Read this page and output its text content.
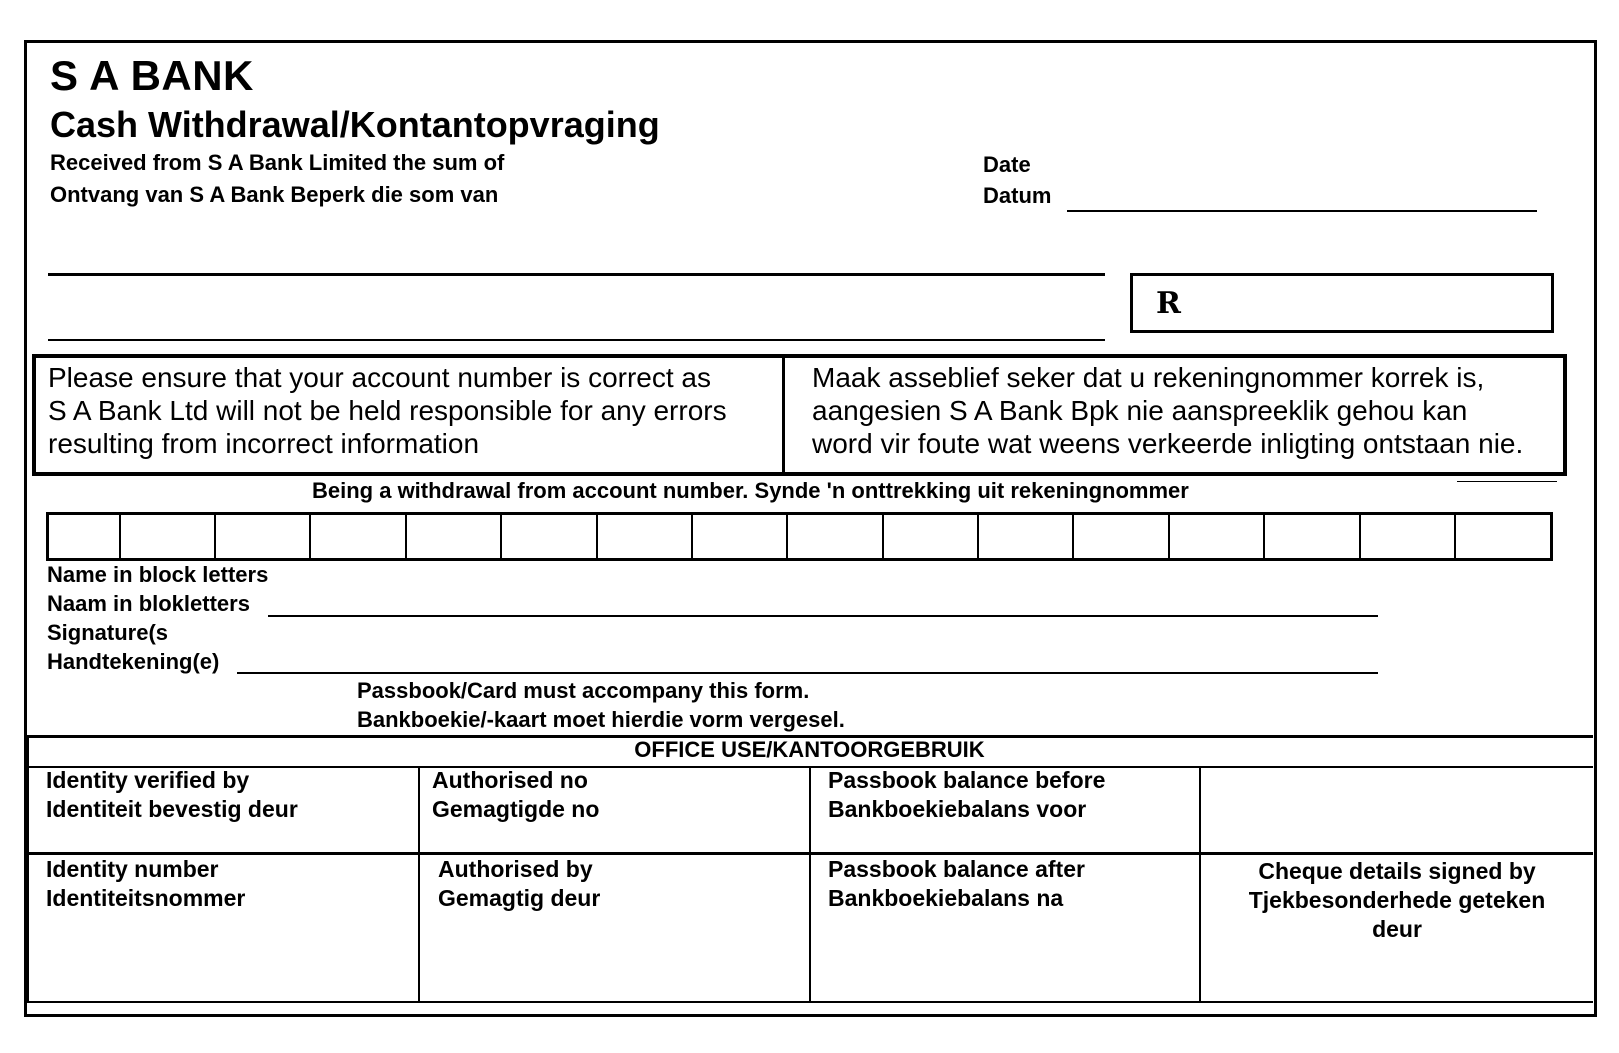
S A BANK
Cash Withdrawal/Kontantopvraging
Received from S A Bank Limited the sum of
Ontvang van S A Bank Beperk die som van
Date
Datum
R
Please ensure that your account number is correct as
S A Bank Ltd will not be held responsible for any errors
resulting from incorrect information
Maak asseblief seker dat u rekeningnommer korrek is,
aangesien S A Bank Bpk nie aanspreeklik gehou kan
word vir foute wat weens verkeerde inligting ontstaan nie.
Being a withdrawal from account number. Synde 'n onttrekking uit rekeningnommer
Name in block letters
Naam in blokletters
Signature(s
Handtekening(e)
Passbook/Card must accompany this form.
Bankboekie/-kaart moet hierdie vorm vergesel.
OFFICE USE/KANTOORGEBRUIK
Identity verified by
Identiteit bevestig deur
Authorised no
Gemagtigde no
Passbook balance before
Bankboekiebalans voor
Identity number
Identiteitsnommer
Authorised by
Gemagtig deur
Passbook balance after
Bankboekiebalans na
Cheque details signed by
Tjekbesonderhede geteken
deur
